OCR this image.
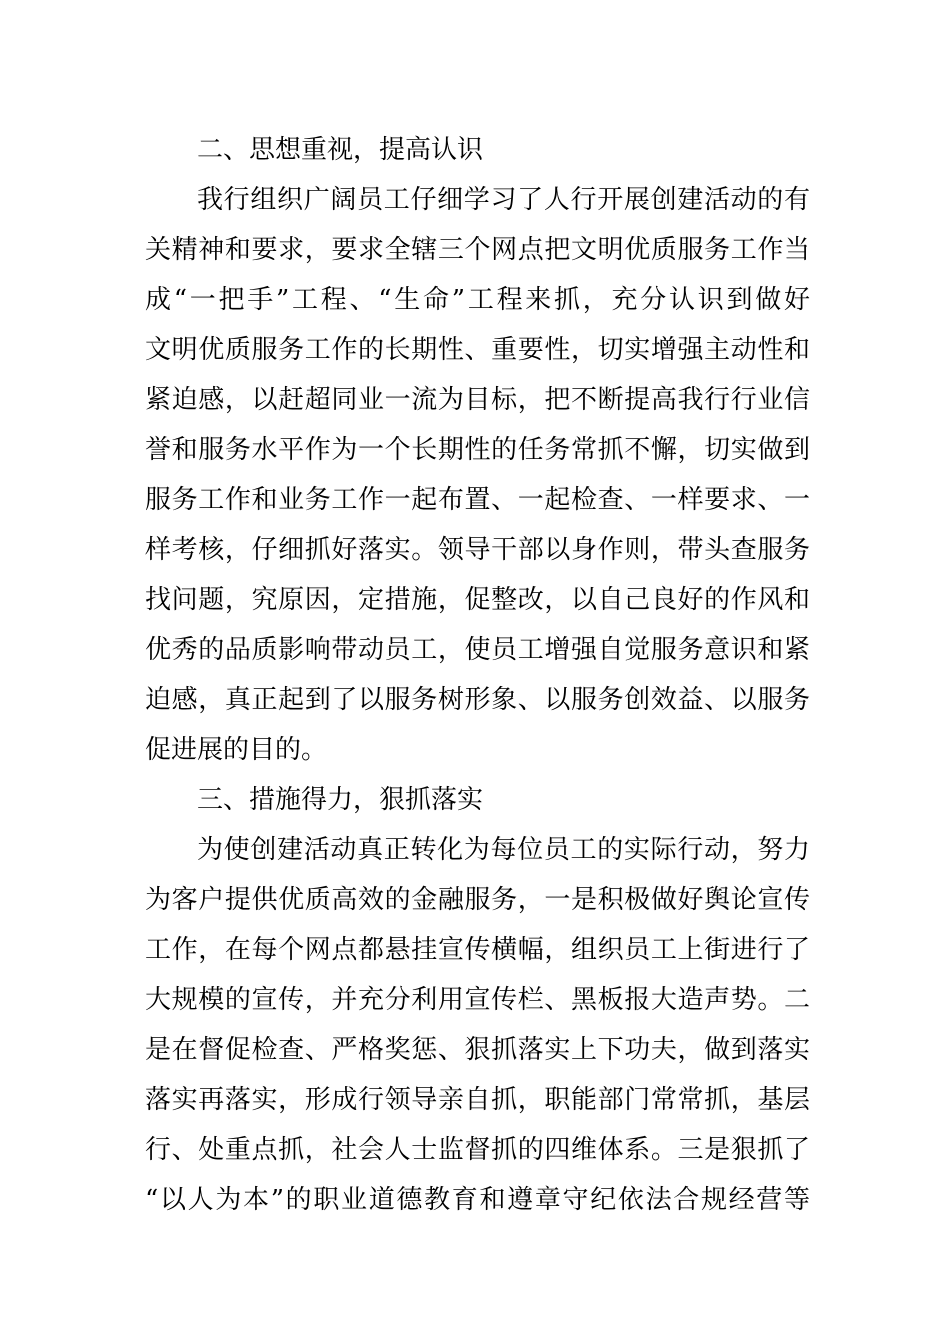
二、思想重视，提高认识
我行组织广阔员工仔细学习了人行开展创建活动的有
关精神和要求，要求全辖三个网点把文明优质服务工作当
成“一把手”工程、“生命”工程来抓，充分认识到做好
文明优质服务工作的长期性、重要性，切实增强主动性和
紧迫感，以赶超同业一流为目标，把不断提高我行行业信
誉和服务水平作为一个长期性的任务常抓不懈，切实做到
服务工作和业务工作一起布置、一起检查、一样要求、一
样考核，仔细抓好落实。领导干部以身作则，带头查服务
找问题，究原因，定措施，促整改，以自己良好的作风和
优秀的品质影响带动员工，使员工增强自觉服务意识和紧
迫感，真正起到了以服务树形象、以服务创效益、以服务
促进展的目的。
三、措施得力，狠抓落实
为使创建活动真正转化为每位员工的实际行动，努力
为客户提供优质高效的金融服务，一是积极做好舆论宣传
工作，在每个网点都悬挂宣传横幅，组织员工上街进行了
大规模的宣传，并充分利用宣传栏、黑板报大造声势。二
是在督促检查、严格奖惩、狠抓落实上下功夫，做到落实
落实再落实，形成行领导亲自抓，职能部门常常抓，基层
行、处重点抓，社会人士监督抓的四维体系。三是狠抓了
“以人为本”的职业道德教育和遵章守纪依法合规经营等
